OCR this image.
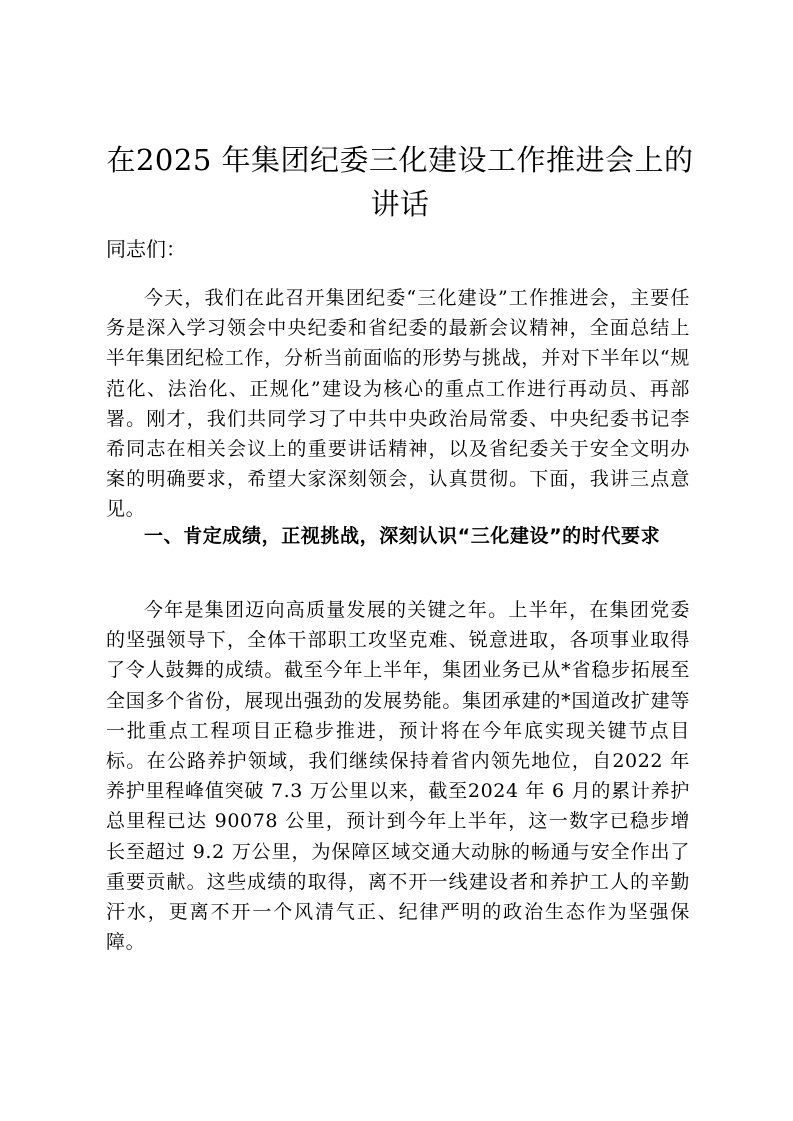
在2025 年集团纪委三化建设工作推进会上的讲话

同志们：

今天，我们在此召开集团纪委“三化建设”工作推进会，主要任务是深入学习领会中央纪委和省纪委的最新会议精神，全面总结上半年集团纪检工作，分析当前面临的形势与挑战，并对下半年以“规范化、法治化、正规化”建设为核心的重点工作进行再动员、再部署。刚才，我们共同学习了中共中央政治局常委、中央纪委书记李希同志在相关会议上的重要讲话精神，以及省纪委关于安全文明办案的明确要求，希望大家深刻领会，认真贯彻。下面，我讲三点意见。

一、肯定成绩，正视挑战，深刻认识“三化建设”的时代要求

今年是集团迈向高质量发展的关键之年。上半年，在集团党委的坚强领导下，全体干部职工攻坚克难、锐意进取，各项事业取得了令人鼓舞的成绩。截至今年上半年，集团业务已从*省稳步拓展至全国多个省份，展现出强劲的发展势能。集团承建的*国道改扩建等一批重点工程项目正稳步推进，预计将在今年底实现关键节点目标。在公路养护领域，我们继续保持着省内领先地位，自2022 年养护里程峰值突破 7.3 万公里以来，截至2024 年 6 月的累计养护总里程已达 90078 公里，预计到今年上半年，这一数字已稳步增长至超过 9.2 万公里，为保障区域交通大动脉的畅通与安全作出了重要贡献。这些成绩的取得，离不开一线建设者和养护工人的辛勤汗水，更离不开一个风清气正、纪律严明的政治生态作为坚强保障。
